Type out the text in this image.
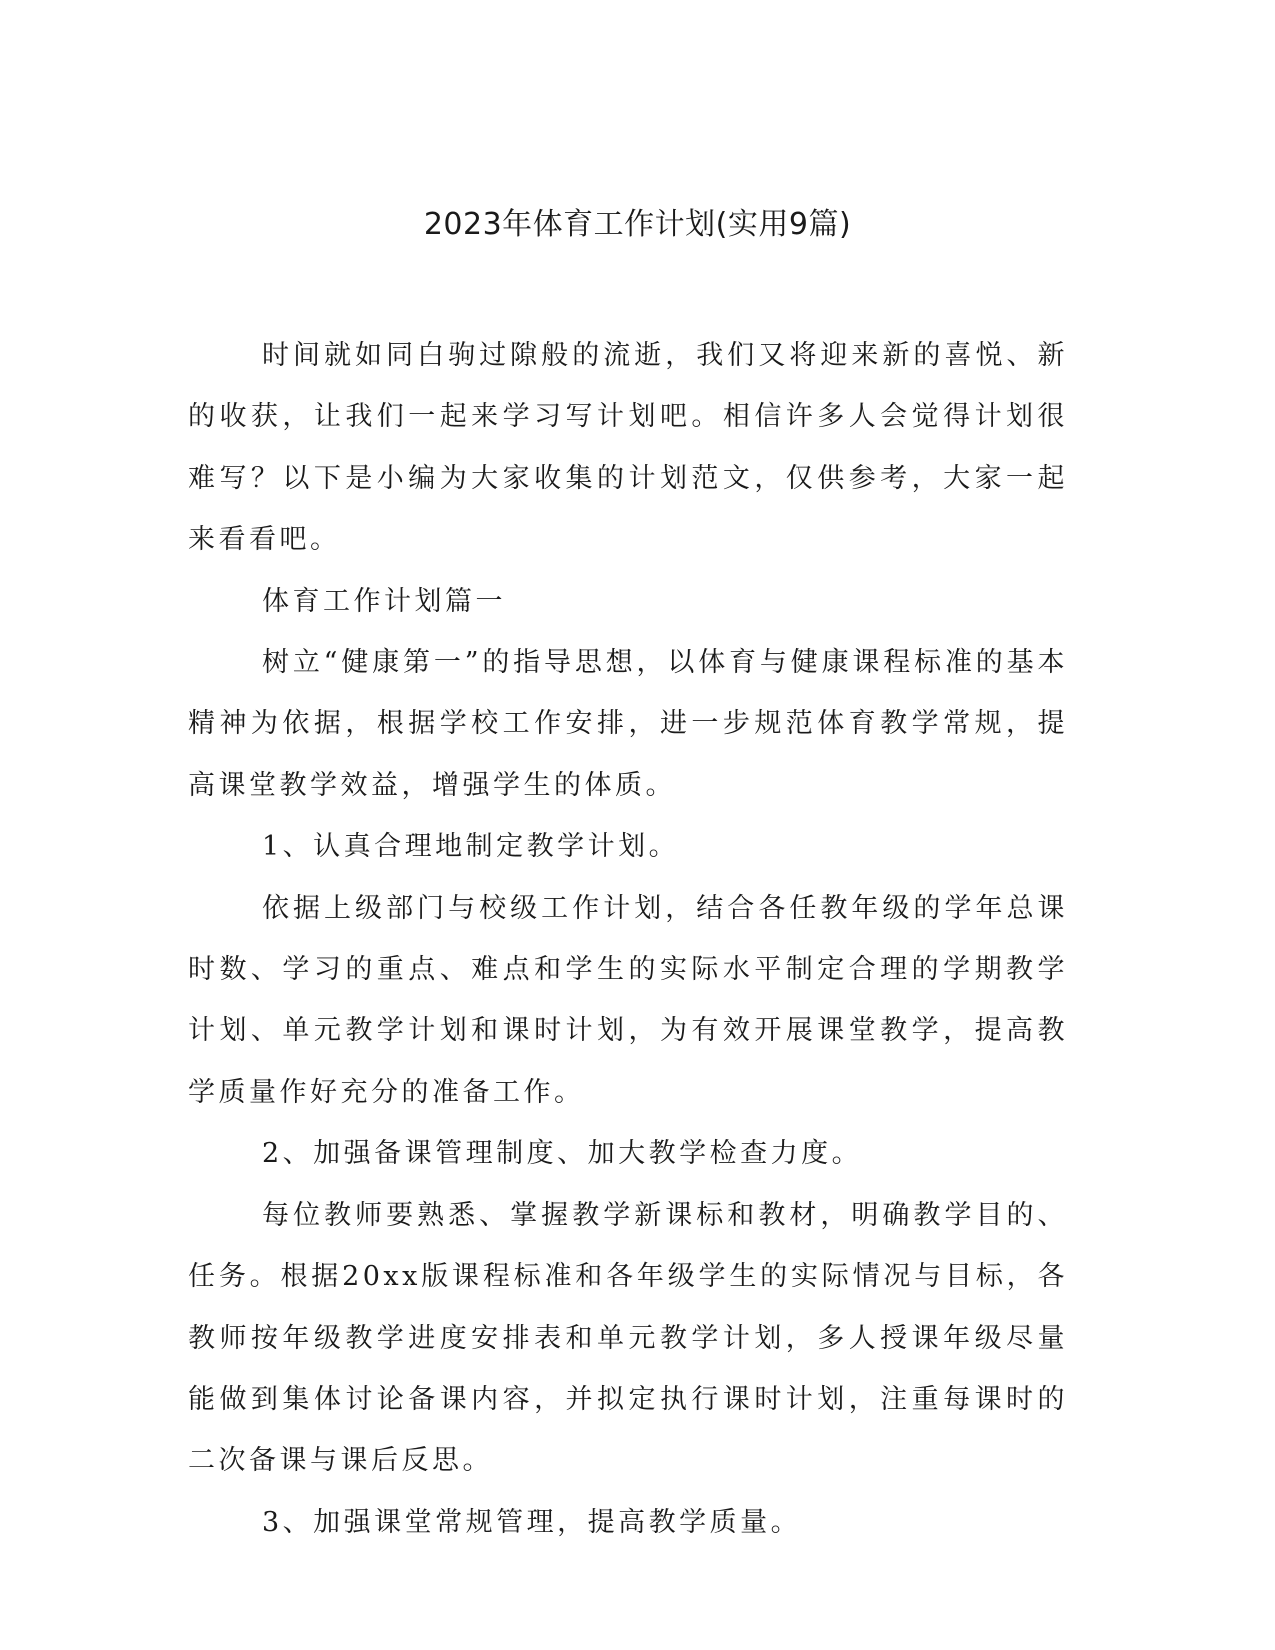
2023年体育工作计划(实用9篇)

时间就如同白驹过隙般的流逝，我们又将迎来新的喜悦、新的收获，让我们一起来学习写计划吧。相信许多人会觉得计划很难写？以下是小编为大家收集的计划范文，仅供参考，大家一起来看看吧。

体育工作计划篇一

树立“健康第一”的指导思想，以体育与健康课程标准的基本精神为依据，根据学校工作安排，进一步规范体育教学常规，提高课堂教学效益，增强学生的体质。

1、认真合理地制定教学计划。

依据上级部门与校级工作计划，结合各任教年级的学年总课时数、学习的重点、难点和学生的实际水平制定合理的学期教学计划、单元教学计划和课时计划，为有效开展课堂教学，提高教学质量作好充分的准备工作。

2、加强备课管理制度、加大教学检查力度。

每位教师要熟悉、掌握教学新课标和教材，明确教学目的、任务。根据20xx版课程标准和各年级学生的实际情况与目标，各教师按年级教学进度安排表和单元教学计划，多人授课年级尽量能做到集体讨论备课内容，并拟定执行课时计划，注重每课时的二次备课与课后反思。

3、加强课堂常规管理，提高教学质量。
